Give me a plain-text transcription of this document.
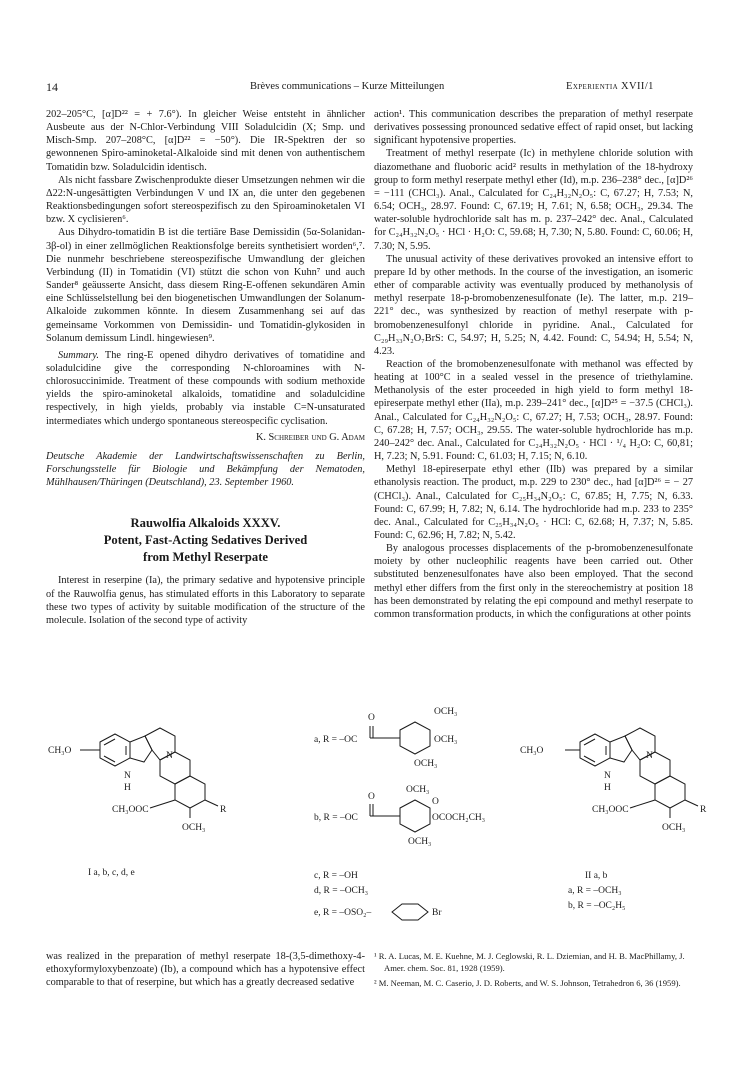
14	Brèves communications – Kurze Mitteilungen	Experientia XVII/1

202–205°C, [α]D²² = + 7.6°). In gleicher Weise entsteht in ähnlicher Ausbeute aus der N-Chlor-Verbindung VIII Soladulcidin (X; Smp. und Misch-Smp. 207–208°C, [α]D²² = −50°). Die IR-Spektren der so gewonnenen Spiro-aminoketal-Alkaloide sind mit denen von authentischem Tomatidin bzw. Soladulcidin identisch.

Als nicht fassbare Zwischenprodukte dieser Umsetzungen nehmen wir die Δ22:N-ungesättigten Verbindungen V und IX an, die unter den gegebenen Reaktionsbedingungen sofort stereospezifisch zu den Spiroaminoketalen VI bzw. X cyclisieren⁶.

Aus Dihydro-tomatidin B ist die tertiäre Base Demissidin (5α-Solanidan-3β-ol) in einer zellmöglichen Reaktionsfolge bereits synthetisiert worden⁶,⁷. Die nunmehr beschriebene stereospezifische Umwandlung der gleichen Verbindung (II) in Tomatidin (VI) stützt die schon von Kuhn⁷ und auch Sander⁸ geäusserte Ansicht, dass diesem Ring-E-offenen sekundären Amin eine Schlüsselstellung bei den biogenetischen Umwandlungen der Solanum-Alkaloide zukommen könnte. In diesem Zusammenhang sei auf das gemeinsame Vorkommen von Demissidin- und Tomatidin-glykosiden in Solanum demissum Lindl. hingewiesen⁹.

Summary. The ring-E opened dihydro derivatives of tomatidine and soladulcidine give the corresponding N-chloroamines with N-chlorosuccinimide. Treatment of these compounds with sodium methoxide yields the spiro-aminoketal alkaloids, tomatidine and soladulcidine respectively, in high yields, probably via instable C=N-unsaturated intermediates which undergo spontaneous stereospecific cyclisation.

K. Schreiber und G. Adam

Deutsche Akademie der Landwirtschaftswissenschaften zu Berlin, Forschungsstelle für Biologie und Bekämpfung der Nematoden, Mühlhausen/Thüringen (Deutschland), 23. September 1960.

Rauwolfia Alkaloids XXXV.
Potent, Fast-Acting Sedatives Derived
from Methyl Reserpate

Interest in reserpine (Ia), the primary sedative and hypotensive principle of the Rauwolfia genus, has stimulated efforts in this Laboratory to separate these two types of activity by suitable modification of the structure of the molecule. Isolation of the second type of activity

action¹. This communication describes the preparation of methyl reserpate derivatives possessing pronounced sedative effect of rapid onset, but lacking significant hypotensive properties.

Treatment of methyl reserpate (Ic) in methylene chloride solution with diazomethane and fluoboric acid² results in methylation of the 18-hydroxy group to form methyl reserpate methyl ether (Id), m.p. 236–238° dec., [α]D²⁶ = −111 (CHCl₃). Anal., Calculated for C₂₄H₃₂N₂O₅: C, 67.27; H, 7.53; N, 6.54; OCH₃, 28.97. Found: C, 67.19; H, 7.61; N, 6.58; OCH₃, 29.34. The water-soluble hydrochloride salt has m. p. 237–242° dec. Anal., Calculated for C₂₄H₃₂N₂O₅ · HCl · H₂O: C, 59.68; H, 7.30; N, 5.80. Found: C, 60.06; H, 7.30; N, 5.95.

The unusual activity of these derivatives provoked an intensive effort to prepare Id by other methods. In the course of the investigation, an isomeric ether of comparable activity was eventually produced by methanolysis of methyl reserpate 18-p-bromobenzenesulfonate (Ie). The latter, m.p. 219–221° dec., was synthesized by reaction of methyl reserpate with p-bromobenzenesulfonyl chloride in pyridine. Anal., Calculated for C₂₉H₃₃N₂O₇BrS: C, 54.97; H, 5.25; N, 4.42. Found: C, 54.94; H, 5.54; N, 4.23.

Reaction of the bromobenzenesulfonate with methanol was effected by heating at 100°C in a sealed vessel in the presence of triethylamine. Methanolysis of the ester proceeded in high yield to form methyl 18-epireserpate methyl ether (IIa), m.p. 239–241° dec., [α]D²⁵ = −37.5 (CHCl₃). Anal., Calculated for C₂₄H₃₂N₂O₅: C, 67.27; H, 7.53; OCH₃, 28.97. Found: C, 67.28; H, 7.57; OCH₃, 29.55. The water-soluble hydrochloride has m.p. 240–242° dec. Anal., Calculated for C₂₄H₃₂N₂O₅ · HCl · ¹/₄ H₂O: C, 60,81; H, 7.23; N, 5.91. Found: C, 61.03; H, 7.15; N, 6.10.

Methyl 18-epireserpate ethyl ether (IIb) was prepared by a similar ethanolysis reaction. The product, m.p. 229 to 230° dec., had [α]D²⁶ = − 27 (CHCl₃). Anal., Calculated for C₂₅H₃₄N₂O₅: C, 67.85; H, 7.75; N, 6.33. Found: C, 67.99; H, 7.82; N, 6.14. The hydrochloride had m.p. 233 to 235° dec. Anal., Calculated for C₂₅H₃₄N₂O₅ · HCl: C, 62.68; H, 7.37; N, 5.85. Found: C, 62.96; H, 7.82; N, 5.42.

By analogous processes displacements of the p-bromobenzenesulfonate moiety by other nucleophilic reagents have been carried out. Other substituted benzenesulfonates have also been employed. That the second methyl ether differs from the first only in the stereochemistry at position 18 has been demonstrated by relating the epi compound and methyl reserpate to common transformation products, in which the configurations at other points

CH₃O
N
H
N
CH₃OOC
OCH₃
R
I a, b, c, d, e
O
a, R = –OC
OCH₃
OCH₃
OCH₃
OCH₃
O
b, R = –OC
O
OCOCH₂CH₃
OCH₃
c, R = –OH
d, R = –OCH₃
e, R = –OSO₂–	Br
CH₃O
N
H
N
CH₃OOC
OCH₃
R
II a, b
a, R = –OCH₃
b, R = –OC₂H₅

was realized in the preparation of methyl reserpate 18-(3,5-dimethoxy-4-ethoxyformyloxybenzoate) (Ib), a compound which has a hypotensive effect comparable to that of reserpine, but which has a greatly decreased sedative

¹ R. A. Lucas, M. E. Kuehne, M. J. Ceglowski, R. L. Dziemian, and H. B. MacPhillamy, J. Amer. chem. Soc. 81, 1928 (1959).
² M. Neeman, M. C. Caserio, J. D. Roberts, and W. S. Johnson, Tetrahedron 6, 36 (1959).
